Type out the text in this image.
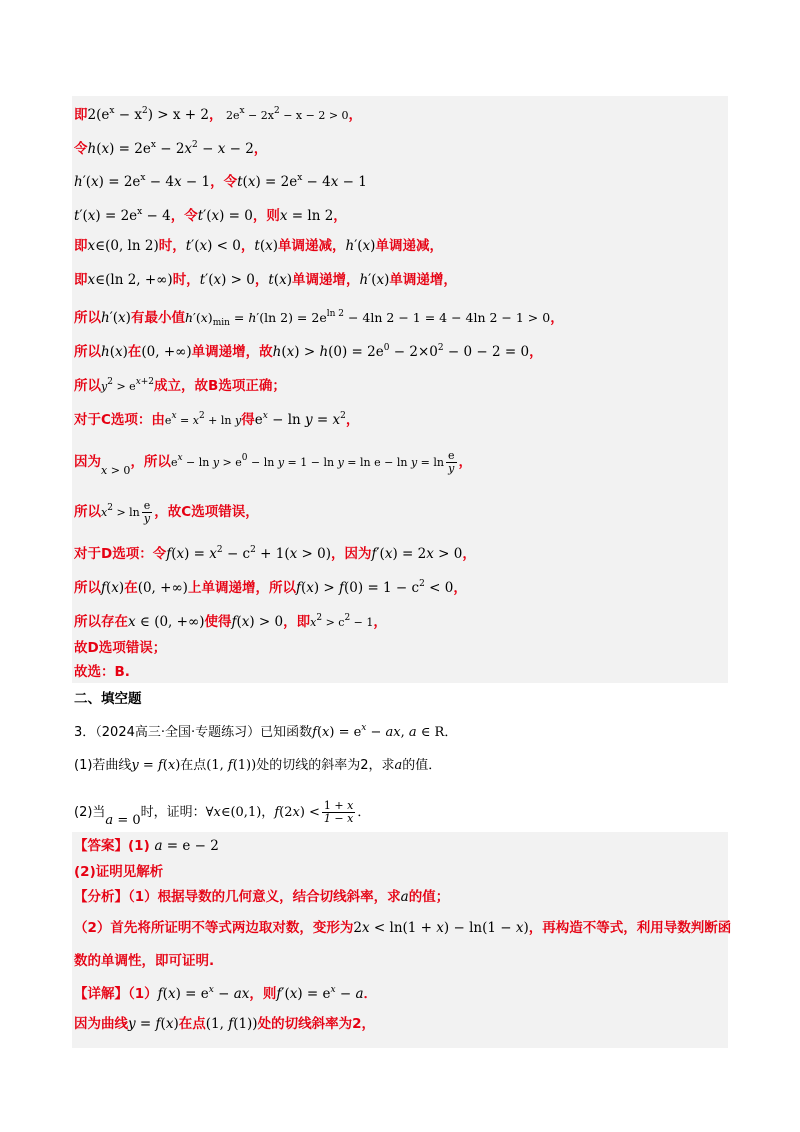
即$2(e^x - x^2) > x + 2$， $2e^x - 2x^2 - x - 2 > 0$，
令$h(x) = 2e^x - 2x^2 - x - 2$，
$h'(x) = 2e^x - 4x - 1$，令$t(x) = 2e^x - 4x - 1$
$t'(x) = 2e^x - 4$，令t′(x) = 0，则x = ln 2，
即x∈(0, ln 2)时，t′(x) < 0，t(x)单调递减，h′(x)单调递减，
即x∈(ln 2, +∞)时，t′(x) > 0，t(x)单调递增，h′(x)单调递增，
所以h′(x)有最小值$h'(x)_{min} = h'(\ln$ $2) = 2e^{ln 2} - 4\ln$ 2 − 1 = 4 − 4ln 2 − 1 > 0，
所以h(x)在(0, +∞)单调递增，故$h(x) > h(0) = 2e^0 - 2\times 0^2 - 0 - 2 = 0$，
所以$y^2 > e^{x+2}$成立，故B选项正确；
对于C选项：由$e^x = x^2 + \ln y$得$e^x - \ln y = x^2$，
因为$_{x > 0}$，所以$e^x - \ln y > e^0 - \ln y = 1 - \ln y = \ln e - \ln y = \ln \frac{e}{y}$ ，
所以$x^2 > \ln \frac{e}{y}$ ，故C选项错误，
对于D选项：令$f(x) = x^2 - c^2 + 1(x > 0)$，因为f′(x) = 2x > 0，
所以f(x)在(0, +∞)上单调递增，所以$f(x) > f(0) = 1 - c^2 < 0$，
所以存在x ∈ (0, +∞)使得f(x) > 0，即$x^2 > c^2 - 1$，
故D选项错误；
故选：B.
二、填空题
3．（2024高三·全国·专题练习）已知函数$f(x) = e^x$ − ax, a ∈ R．
(1)若曲线y = f(x)在点(1, f(1))处的切线的斜率为2，求a的值．
(2)当a = 0时，证明：∀x∈(0,1)，$f(2x) < \frac{1 + x}{1 - x}$ ．
【答案】(1) a = e − 2
(2)证明见解析
【分析】（1）根据导数的几何意义，结合切线斜率，求a的值；
（2）首先将所证明不等式两边取对数，变形为2x < ln(1 + x) − ln(1 − x)，再构造不等式，利用导数判断函
数的单调性，即可证明.
【详解】$(1)f(x) = e^x$ − ax，则$f'(x) = e^x - a$．
因为曲线y = f(x)在点(1, f(1))处的切线斜率为2，
